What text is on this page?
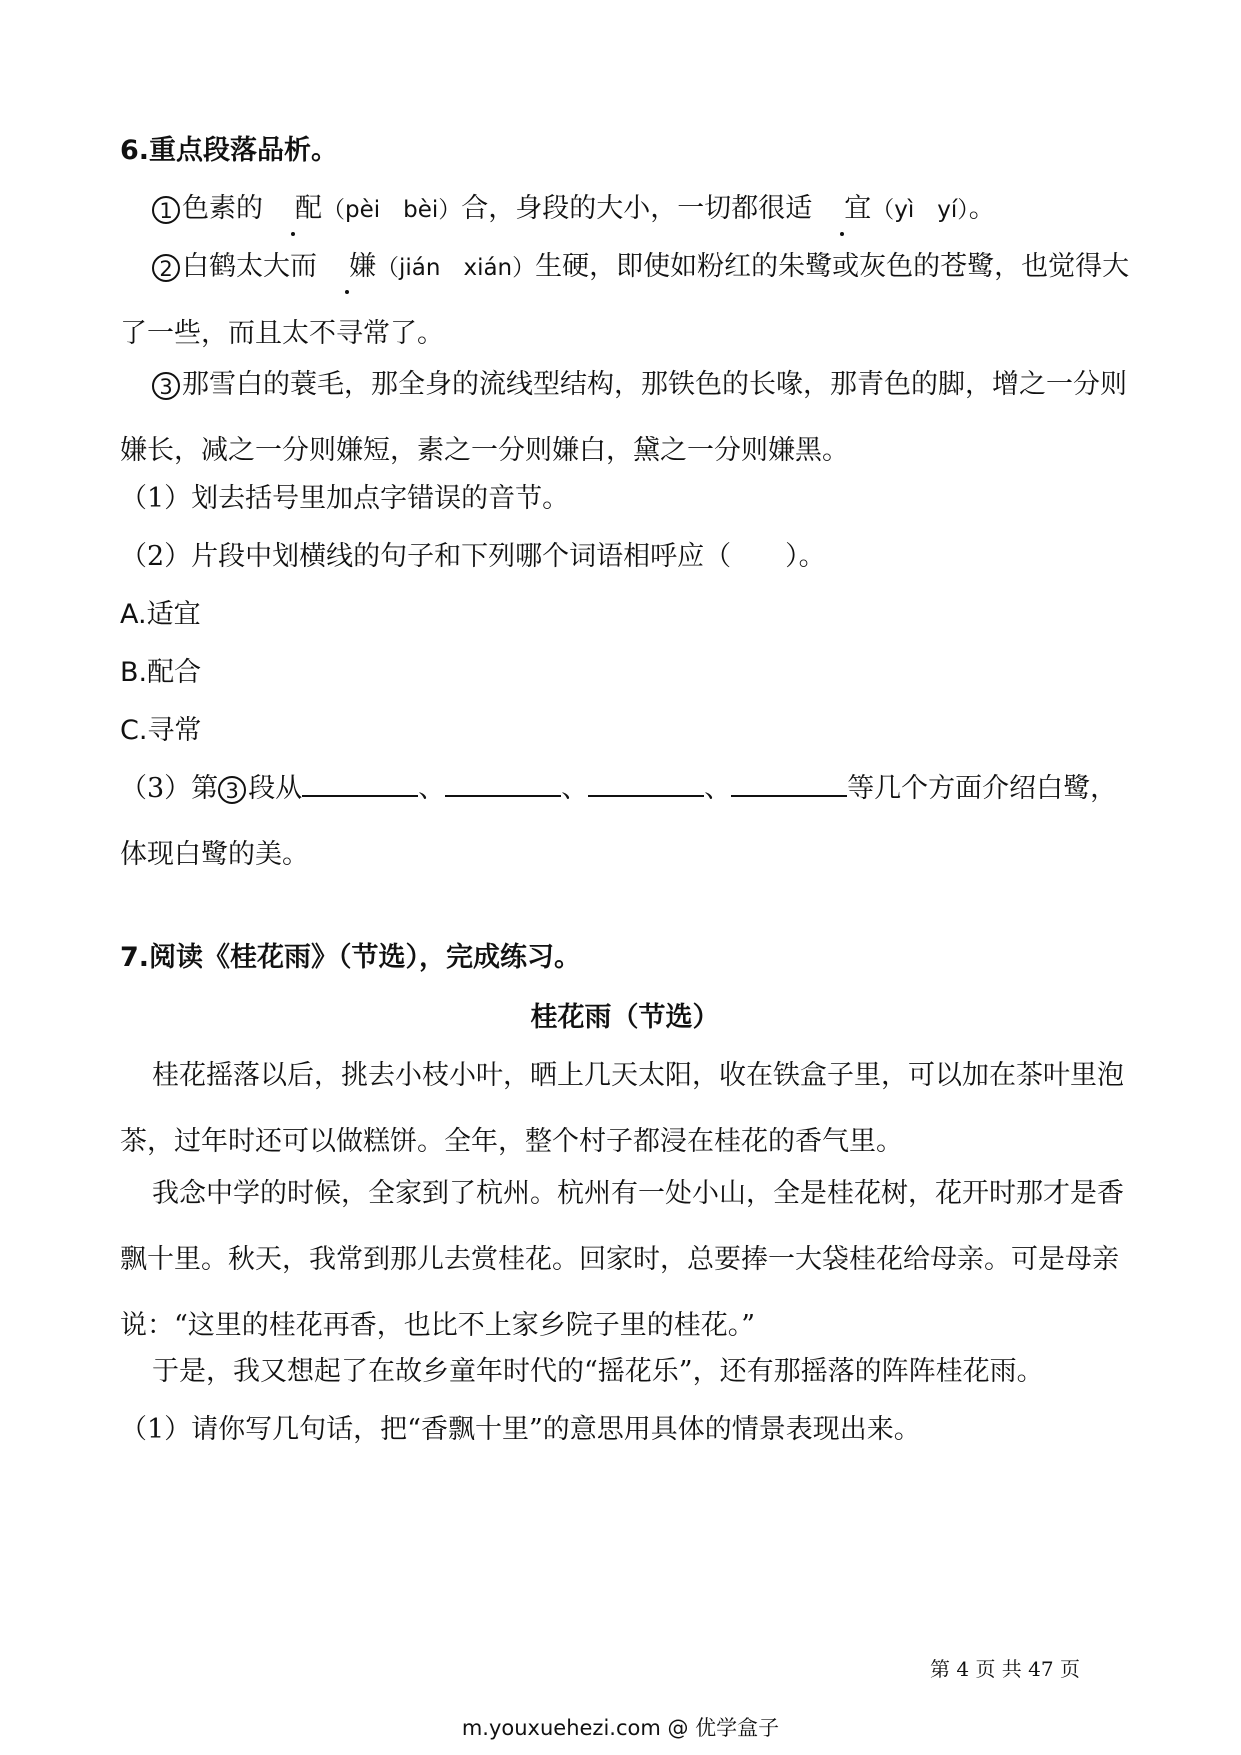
6.重点段落品析。

1 色素的 配（pèi　bèi）合，身段的大小，一切都很适 宜（yì　yí）。

2 白鹤太大而 嫌（jián　xián）生硬，即使如粉红的朱鹭或灰色的苍鹭，也觉得大了一些，而且太不寻常了。

3 那雪白的蓑毛，那全身的流线型结构，那铁色的长喙，那青色的脚，增之一分则嫌长，减之一分则嫌短，素之一分则嫌白，黛之一分则嫌黑。

（1）划去括号里加点字错误的音节。

（2）片段中划横线的句子和下列哪个词语相呼应（　　）。

A.适宜

B.配合

C.寻常

（3）第 3 段从	、	、	、	等几个方面介绍白鹭，体现白鹭的美。

7.阅读《桂花雨》（节选），完成练习。
桂花雨（节选）

桂花摇落以后，挑去小枝小叶，晒上几天太阳，收在铁盒子里，可以加在茶叶里泡茶，过年时还可以做糕饼。全年，整个村子都浸在桂花的香气里。

我念中学的时候，全家到了杭州。杭州有一处小山，全是桂花树，花开时那才是香飘十里。秋天，我常到那儿去赏桂花。回家时，总要捧一大袋桂花给母亲。可是母亲说：“这里的桂花再香，也比不上家乡院子里的桂花。”

于是，我又想起了在故乡童年时代的“摇花乐”，还有那摇落的阵阵桂花雨。

（1）请你写几句话，把“香飘十里”的意思用具体的情景表现出来。

第 4 页 共 47 页
m.youxuehezi.com @ 优学盒子
